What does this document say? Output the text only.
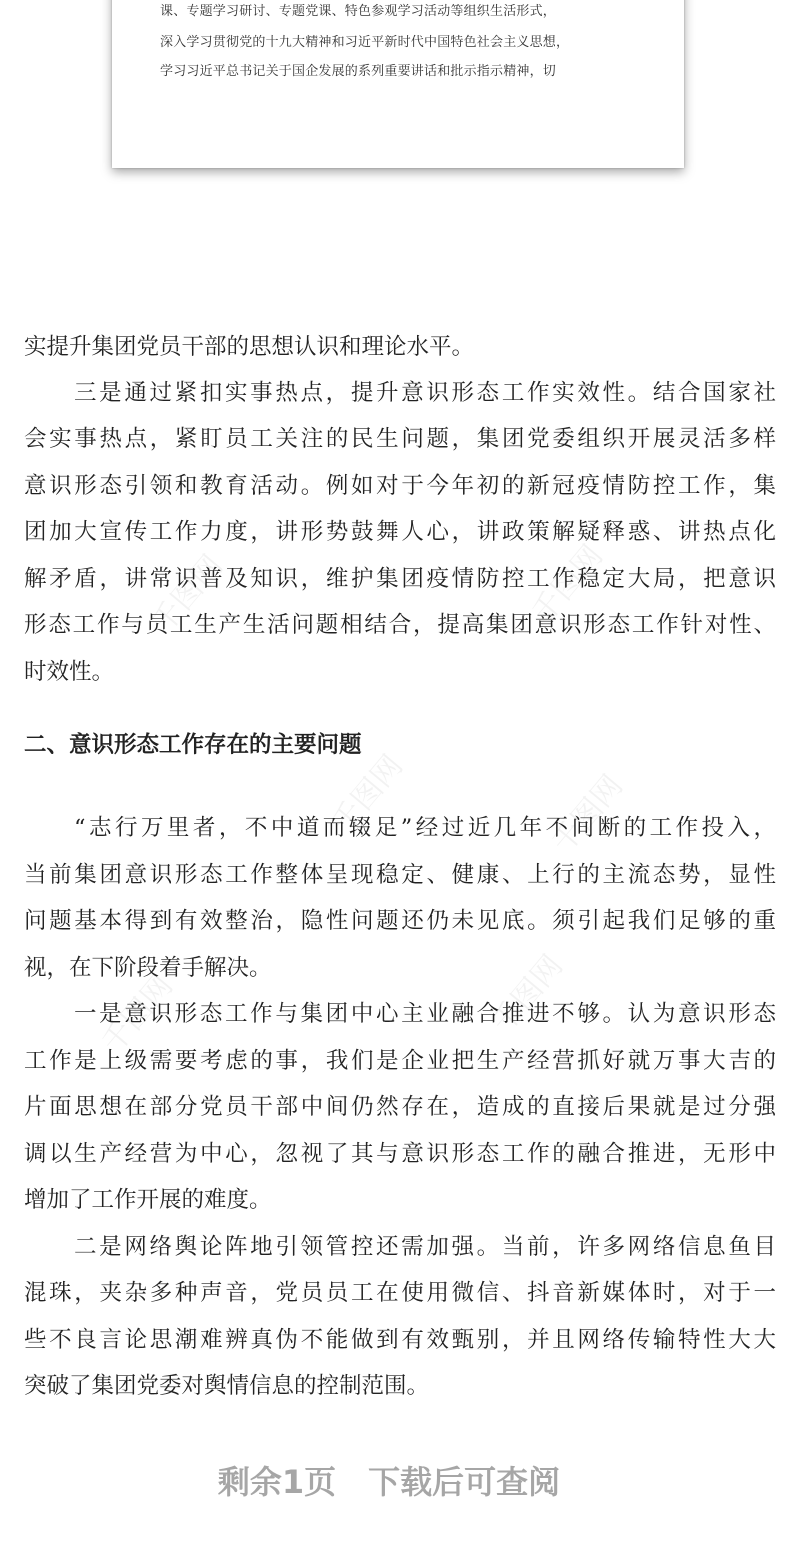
课、专题学习研讨、专题党课、特色参观学习活动等组织生活形式，
深入学习贯彻党的十九大精神和习近平新时代中国特色社会主义思想，
学习习近平总书记关于国企发展的系列重要讲话和批示指示精神，切
千图网	千图网
千图网
千图网	千图网
千图网
实提升集团党员干部的思想认识和理论水平。
三是通过紧扣实事热点，提升意识形态工作实效性。结合国家社
会实事热点，紧盯员工关注的民生问题，集团党委组织开展灵活多样
意识形态引领和教育活动。例如对于今年初的新冠疫情防控工作，集
团加大宣传工作力度，讲形势鼓舞人心，讲政策解疑释惑、讲热点化
解矛盾，讲常识普及知识，维护集团疫情防控工作稳定大局，把意识
形态工作与员工生产生活问题相结合，提高集团意识形态工作针对性、
时效性。
二、意识形态工作存在的主要问题
“志行万里者，不中道而辍足”经过近几年不间断的工作投入，
当前集团意识形态工作整体呈现稳定、健康、上行的主流态势，显性
问题基本得到有效整治，隐性问题还仍未见底。须引起我们足够的重
视，在下阶段着手解决。
一是意识形态工作与集团中心主业融合推进不够。认为意识形态
工作是上级需要考虑的事，我们是企业把生产经营抓好就万事大吉的
片面思想在部分党员干部中间仍然存在，造成的直接后果就是过分强
调以生产经营为中心，忽视了其与意识形态工作的融合推进，无形中
增加了工作开展的难度。
二是网络舆论阵地引领管控还需加强。当前，许多网络信息鱼目
混珠，夹杂多种声音，党员员工在使用微信、抖音新媒体时，对于一
些不良言论思潮难辨真伪不能做到有效甄别，并且网络传输特性大大
突破了集团党委对舆情信息的控制范围。
剩余1页　下载后可查阅
